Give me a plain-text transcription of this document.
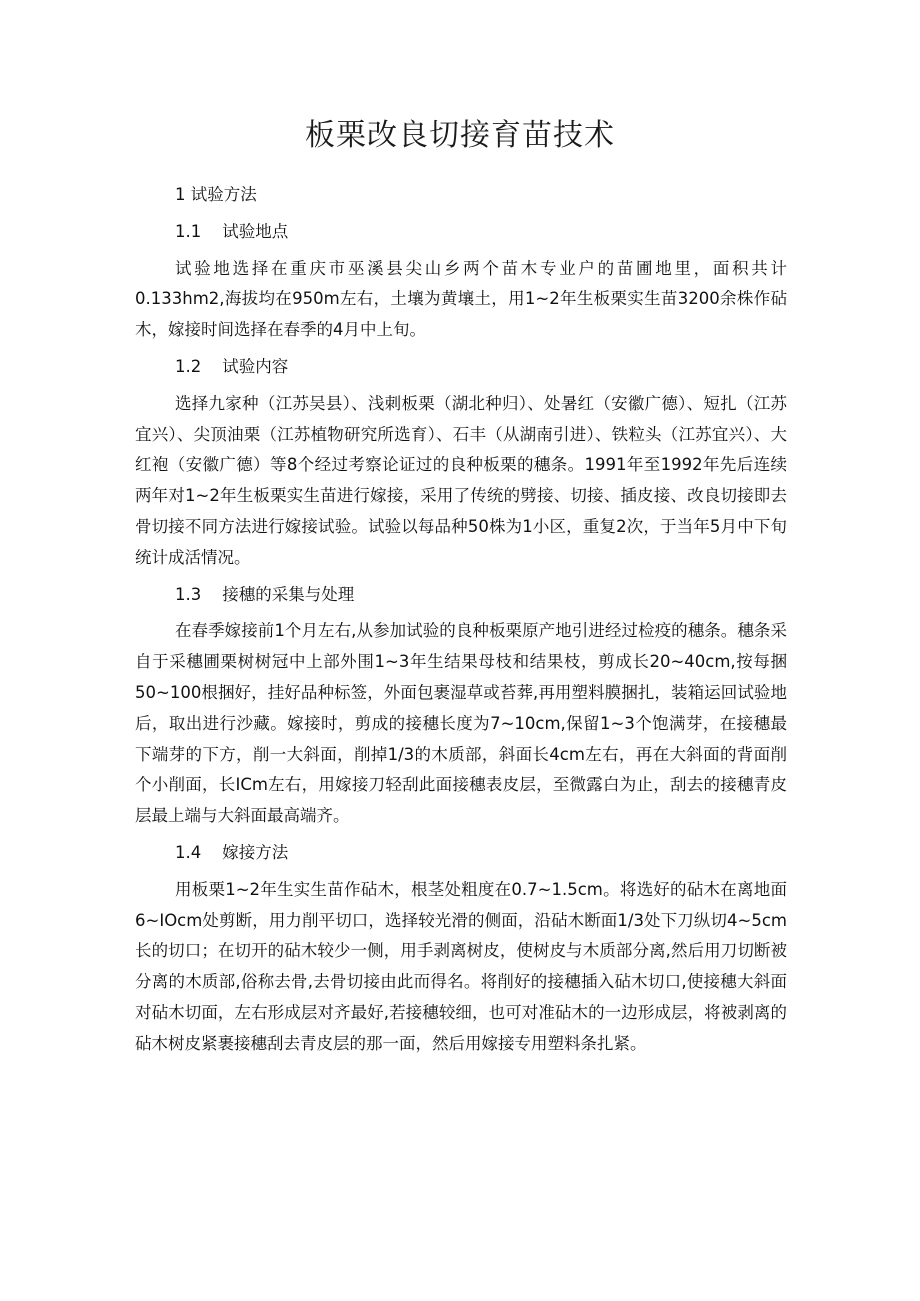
板栗改良切接育苗技术
1 试验方法
1.1    试验地点

试验地选择在重庆市巫溪县尖山乡两个苗木专业户的苗圃地里，面积共计0.133hm2,海拔均在950m左右，土壤为黄壤土，用1~2年生板栗实生苗3200余株作砧木，嫁接时间选择在春季的4月中上旬。

1.2    试验内容

选择九家种（江苏吴县）、浅刺板栗（湖北种归）、处暑红（安徽广德）、短扎（江苏宜兴）、尖顶油栗（江苏植物研究所选育）、石丰（从湖南引进）、铁粒头（江苏宜兴）、大红袍（安徽广德）等8个经过考察论证过的良种板栗的穗条。1991年至1992年先后连续两年对1~2年生板栗实生苗进行嫁接，采用了传统的劈接、切接、插皮接、改良切接即去骨切接不同方法进行嫁接试验。试验以每品种50株为1小区，重复2次，于当年5月中下旬统计成活情况。

1.3    接穗的采集与处理

在春季嫁接前1个月左右,从参加试验的良种板栗原产地引进经过检疫的穗条。穗条采自于采穗圃栗树树冠中上部外围1~3年生结果母枝和结果枝，剪成长20~40cm,按每捆50~100根捆好，挂好品种标签，外面包裹湿草或苔葬,再用塑料膜捆扎，装箱运回试验地后，取出进行沙藏。嫁接时，剪成的接穗长度为7~10cm,保留1~3个饱满芽，在接穗最下端芽的下方，削一大斜面，削掉1/3的木质部，斜面长4cm左右，再在大斜面的背面削个小削面，长ICm左右，用嫁接刀轻刮此面接穗表皮层，至微露白为止，刮去的接穗青皮层最上端与大斜面最高端齐。

1.4    嫁接方法

用板栗1~2年生实生苗作砧木，根茎处粗度在0.7~1.5cm。将选好的砧木在离地面6~IOcm处剪断，用力削平切口，选择较光滑的侧面，沿砧木断面1/3处下刀纵切4~5cm长的切口；在切开的砧木较少一侧，用手剥离树皮，使树皮与木质部分离,然后用刀切断被分离的木质部,俗称去骨,去骨切接由此而得名。将削好的接穗插入砧木切口,使接穗大斜面对砧木切面，左右形成层对齐最好,若接穗较细，也可对准砧木的一边形成层，将被剥离的砧木树皮紧裹接穗刮去青皮层的那一面，然后用嫁接专用塑料条扎紧。
